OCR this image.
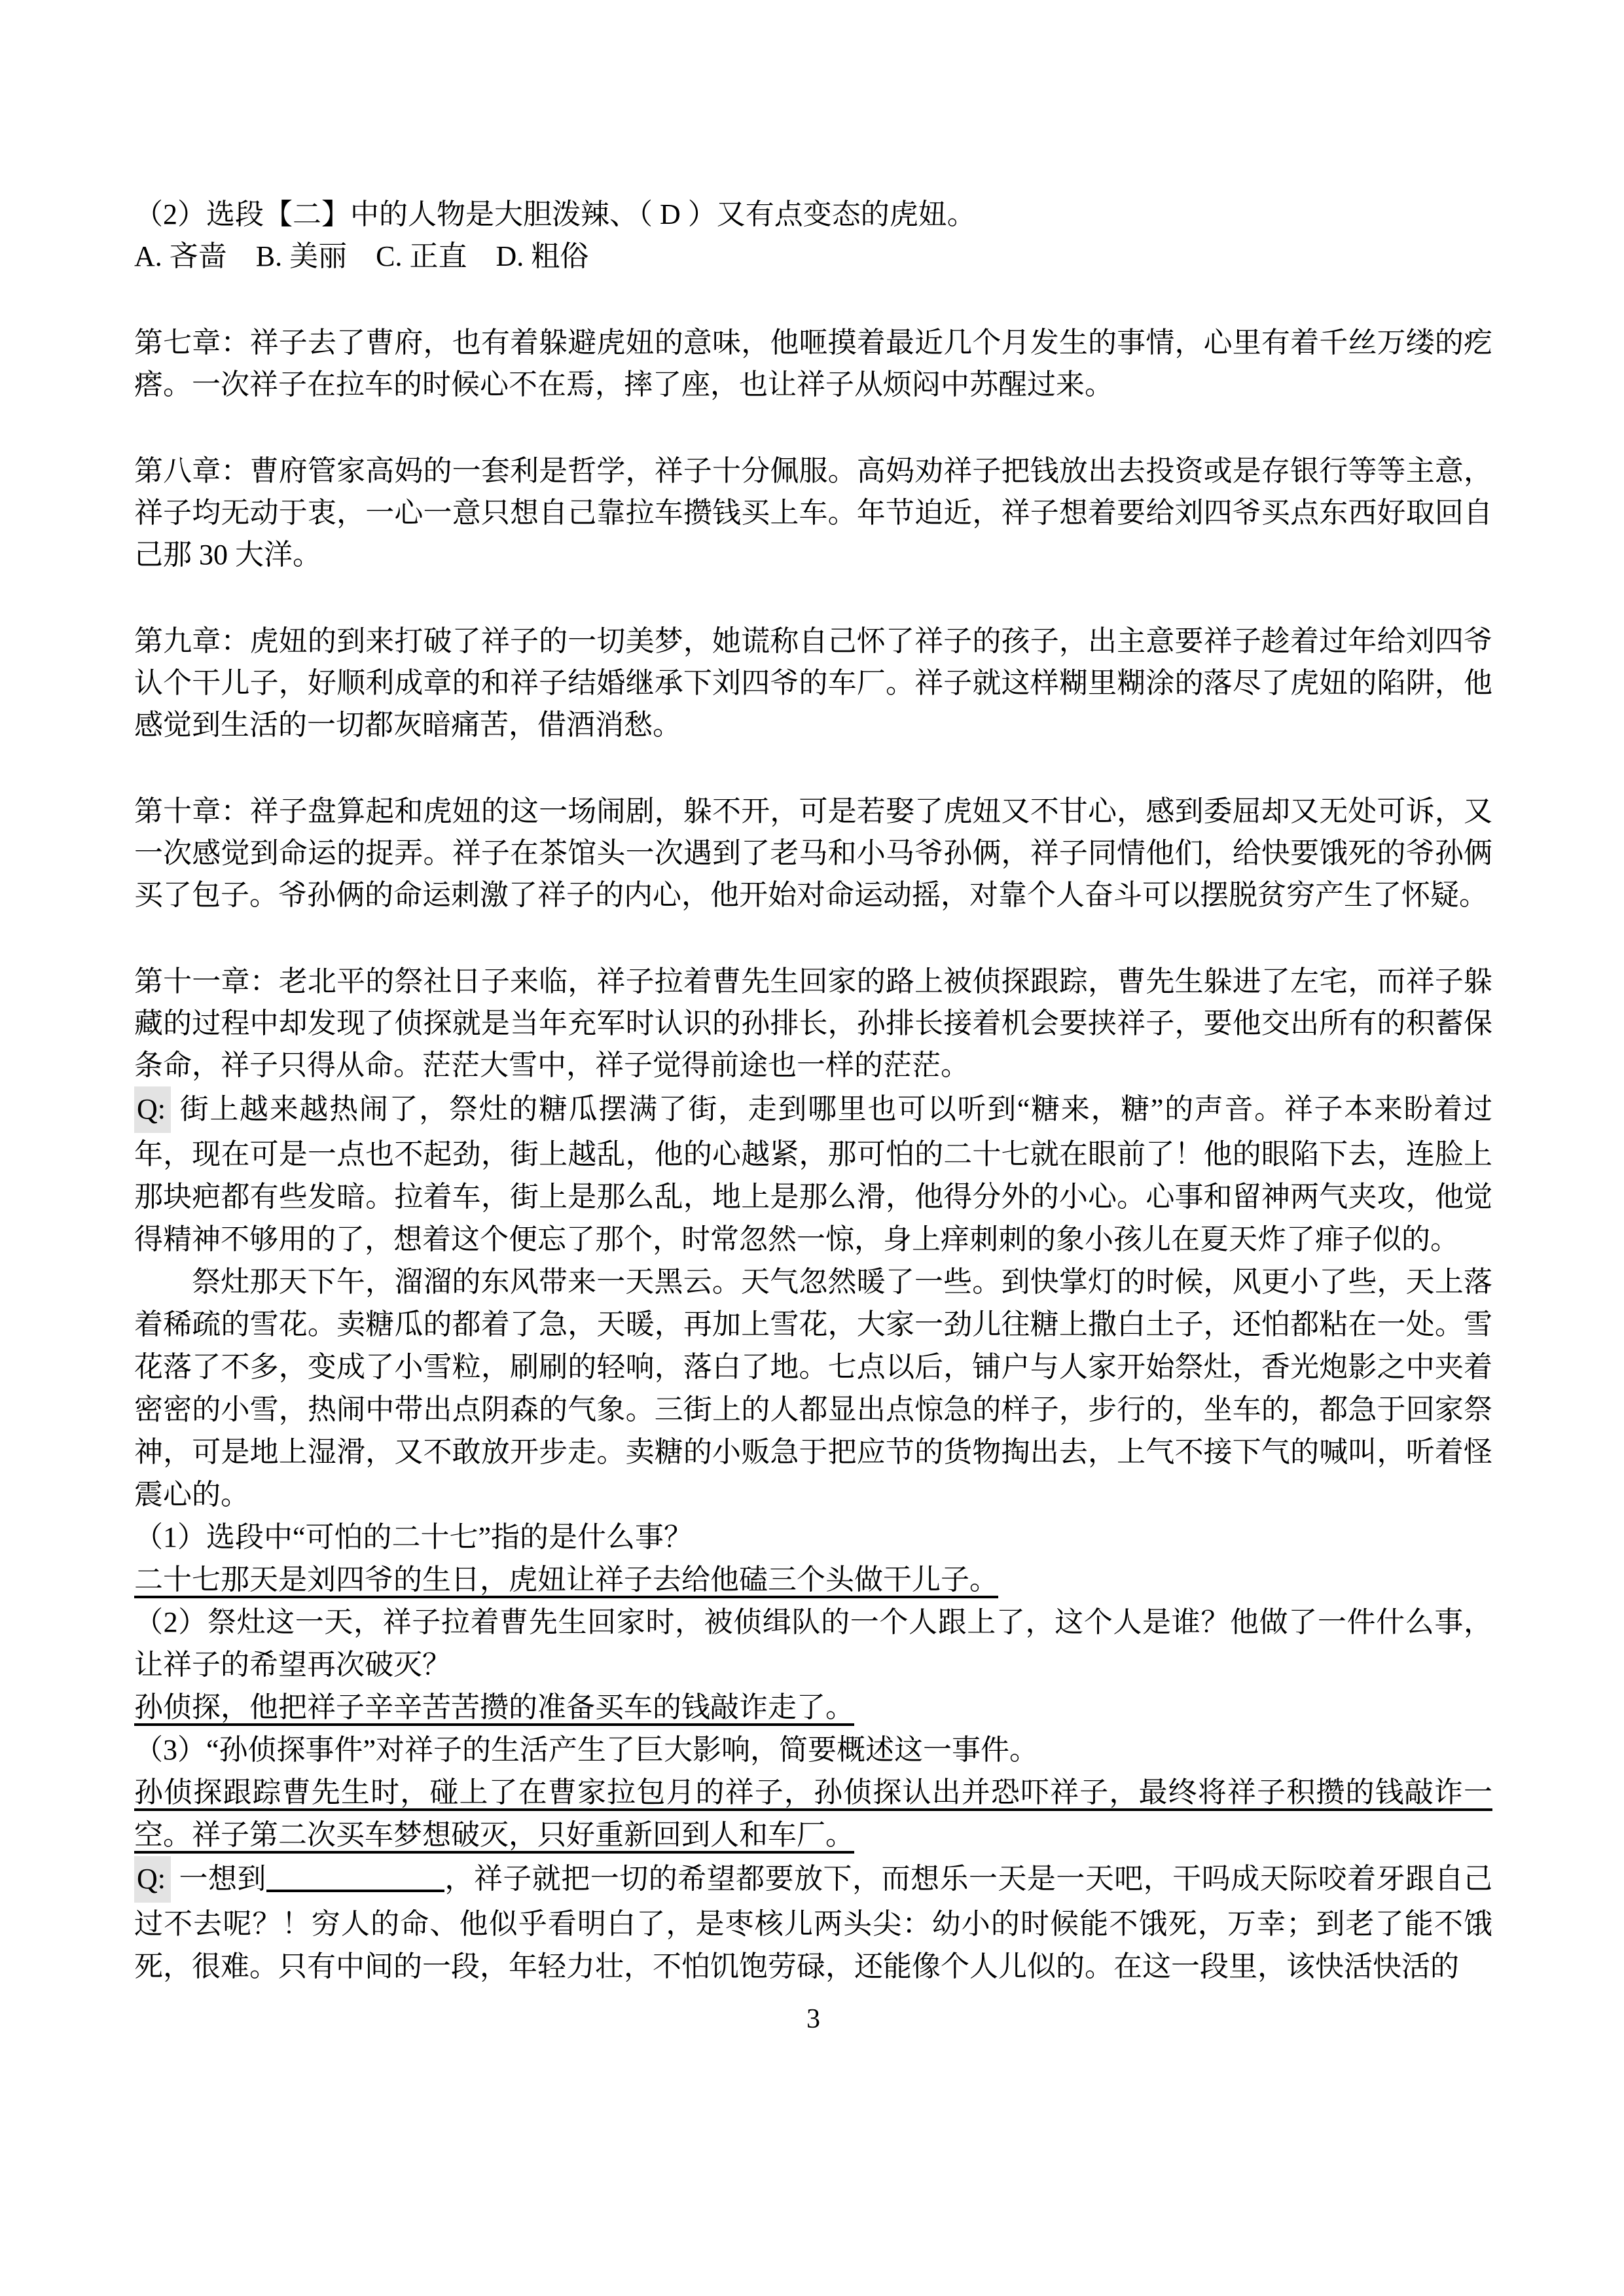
（2）选段【二】中的人物是大胆泼辣、（ D ）又有点变态的虎妞。

A. 吝啬　B. 美丽　C. 正直　D. 粗俗

第七章：祥子去了曹府，也有着躲避虎妞的意味，他咂摸着最近几个月发生的事情，心里有着千丝万缕的疙瘩。一次祥子在拉车的时候心不在焉，摔了座，也让祥子从烦闷中苏醒过来。

第八章：曹府管家高妈的一套利是哲学，祥子十分佩服。高妈劝祥子把钱放出去投资或是存银行等等主意，祥子均无动于衷，一心一意只想自己靠拉车攒钱买上车。年节迫近，祥子想着要给刘四爷买点东西好取回自己那 30 大洋。

第九章：虎妞的到来打破了祥子的一切美梦，她谎称自己怀了祥子的孩子，出主意要祥子趁着过年给刘四爷认个干儿子，好顺利成章的和祥子结婚继承下刘四爷的车厂。祥子就这样糊里糊涂的落尽了虎妞的陷阱，他感觉到生活的一切都灰暗痛苦，借酒消愁。

第十章：祥子盘算起和虎妞的这一场闹剧，躲不开，可是若娶了虎妞又不甘心，感到委屈却又无处可诉，又一次感觉到命运的捉弄。祥子在茶馆头一次遇到了老马和小马爷孙俩，祥子同情他们，给快要饿死的爷孙俩买了包子。爷孙俩的命运刺激了祥子的内心，他开始对命运动摇，对靠个人奋斗可以摆脱贫穷产生了怀疑。

第十一章：老北平的祭社日子来临，祥子拉着曹先生回家的路上被侦探跟踪，曹先生躲进了左宅，而祥子躲藏的过程中却发现了侦探就是当年充军时认识的孙排长，孙排长接着机会要挟祥子，要他交出所有的积蓄保条命，祥子只得从命。茫茫大雪中，祥子觉得前途也一样的茫茫。

Q: 街上越来越热闹了，祭灶的糖瓜摆满了街，走到哪里也可以听到“糖来，糖”的声音。祥子本来盼着过年，现在可是一点也不起劲，街上越乱，他的心越紧，那可怕的二十七就在眼前了！他的眼陷下去，连脸上那块疤都有些发暗。拉着车，街上是那么乱，地上是那么滑，他得分外的小心。心事和留神两气夹攻，他觉得精神不够用的了，想着这个便忘了那个，时常忽然一惊，身上痒刺刺的象小孩儿在夏天炸了痱子似的。

祭灶那天下午，溜溜的东风带来一天黑云。天气忽然暖了一些。到快掌灯的时候，风更小了些，天上落着稀疏的雪花。卖糖瓜的都着了急，天暖，再加上雪花，大家一劲儿往糖上撒白土子，还怕都粘在一处。雪花落了不多，变成了小雪粒，刷刷的轻响，落白了地。七点以后，铺户与人家开始祭灶，香光炮影之中夹着密密的小雪，热闹中带出点阴森的气象。三街上的人都显出点惊急的样子，步行的，坐车的，都急于回家祭神，可是地上湿滑，又不敢放开步走。卖糖的小贩急于把应节的货物掏出去，上气不接下气的喊叫，听着怪震心的。

（1）选段中“可怕的二十七”指的是什么事？

二十七那天是刘四爷的生日，虎妞让祥子去给他磕三个头做干儿子。

（2）祭灶这一天，祥子拉着曹先生回家时，被侦缉队的一个人跟上了，这个人是谁？他做了一件什么事，让祥子的希望再次破灭？

孙侦探，他把祥子辛辛苦苦攒的准备买车的钱敲诈走了。

（3）“孙侦探事件”对祥子的生活产生了巨大影响，简要概述这一事件。

孙侦探跟踪曹先生时，碰上了在曹家拉包月的祥子，孙侦探认出并恐吓祥子，最终将祥子积攒的钱敲诈一空。祥子第二次买车梦想破灭，只好重新回到人和车厂。

Q: 一想到	，祥子就把一切的希望都要放下，而想乐一天是一天吧，干吗成天际咬着牙跟自己过不去呢？！穷人的命、他似乎看明白了，是枣核儿两头尖：幼小的时候能不饿死，万幸；到老了能不饿死，很难。只有中间的一段，年轻力壮，不怕饥饱劳碌，还能像个人儿似的。在这一段里，该快活快活的

3
